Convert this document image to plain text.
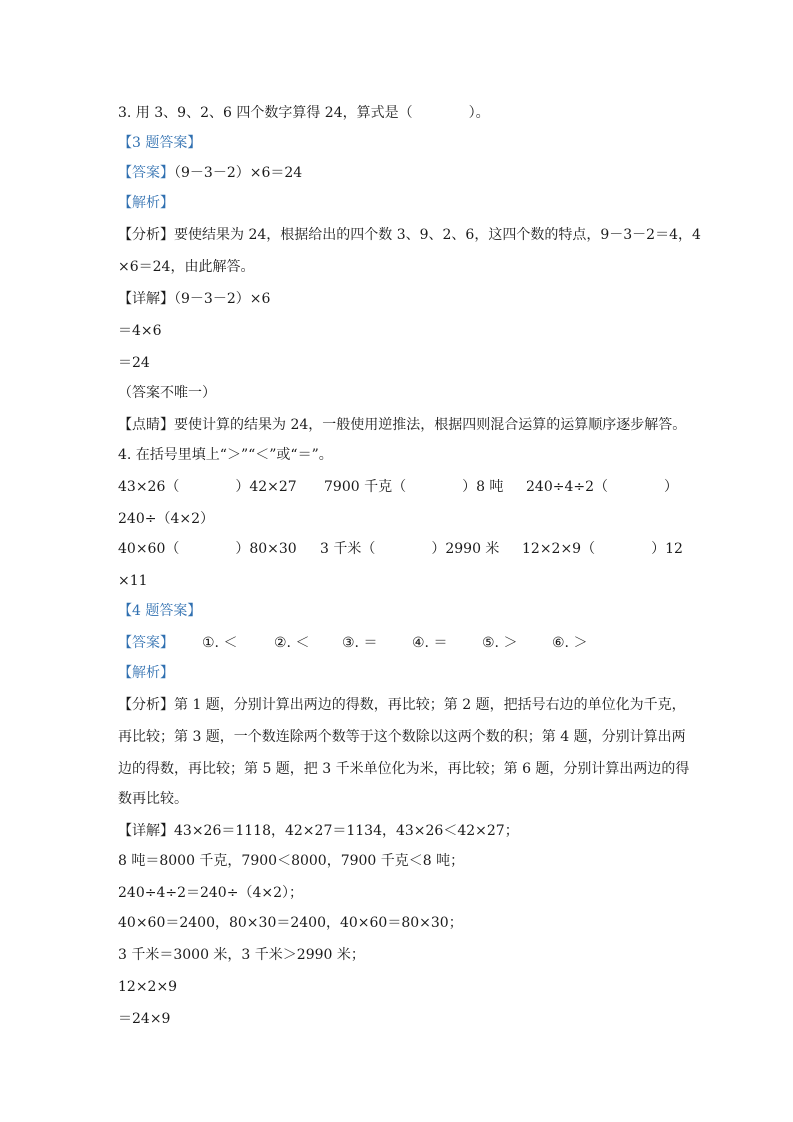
3. 用 3、9、2、6 四个数字算得 24，算式是（　　　　）。
【3 题答案】
【答案】（9－3－2）×6＝24
【解析】
【分析】要使结果为 24，根据给出的四个数 3、9、2、6，这四个数的特点，9－3－2＝4，4
×6＝24，由此解答。
【详解】（9－3－2）×6
＝4×6
＝24
（答案不唯一）
【点睛】要使计算的结果为 24，一般使用逆推法，根据四则混合运算的运算顺序逐步解答。
4. 在括号里填上“＞”“＜”或“＝”。
43×26（　　　　）42×27 7900 千克（　　　　）8 吨 240÷4÷2（　　　　）
240÷（4×2）
40×60（　　　　）80×30 3 千米（　　　　）2990 米 12×2×9（　　　　）12
×11
【4 题答案】
【答案】 ①. ＜	②. ＜ ③. ＝ ④. ＝ ⑤. ＞ ⑥. ＞
【解析】
【分析】第 1 题，分别计算出两边的得数，再比较；第 2 题，把括号右边的单位化为千克，
再比较；第 3 题，一个数连除两个数等于这个数除以这两个数的积；第 4 题，分别计算出两
边的得数，再比较；第 5 题，把 3 千米单位化为米，再比较；第 6 题，分别计算出两边的得
数再比较。
【详解】43×26＝1118，42×27＝1134，43×26＜42×27；
8 吨＝8000 千克，7900＜8000，7900 千克＜8 吨；
240÷4÷2＝240÷（4×2）；
40×60＝2400，80×30＝2400，40×60＝80×30；
3 千米＝3000 米，3 千米＞2990 米；
12×2×9
＝24×9
